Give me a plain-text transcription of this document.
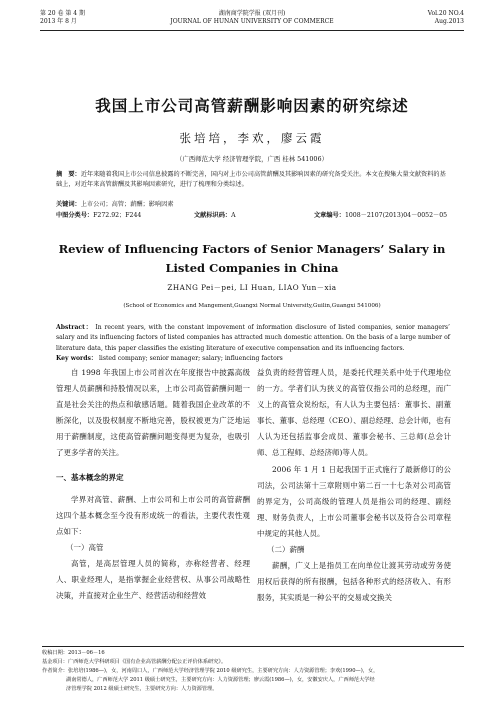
第 20 卷 第 4 期
2013 年 8 月
湖南商学院学报 (双月刊)
JOURNAL OF HUNAN UNIVERSITY OF COMMERCE
Vol.20 NO.4
Aug.2013
我国上市公司高管薪酬影响因素的研究综述
张培培，李欢，廖云霞
（广西师范大学 经济管理学院，广西 桂林 541006）
摘　要：近年来随着我国上市公司信息披露的不断完善，国内对上市公司高管薪酬及其影响因素的研究备受关注。本文在搜集大量文献资料的基础上，对近年来高管薪酬及其影响因素研究，进行了梳理和分类综述。
关键词：上市公司；高管；薪酬；影响因素
中图分类号：F272.92；F244	文献标识码：A	文章编号：1008－2107(2013)04－0052－05
Review of Influencing Factors of Senior Managers’ Salary in
Listed Companies in China
ZHANG Pei－pei, LI Huan, LIAO Yun－xia
(School of Economics and Mangement,Guangxi Normal University,Guilin,Guangxi 541006)
Abstract： In recent years, with the constant impovement of information disclosure of listed companies, senior managers’ salary and its influencing factors of listed companies has attracted much domestic attention. On the basis of a large number of literature data, this paper classifies the existing literature of executive compensation and its influencing factors.
Key words： listed company; senior manager; salary; influencing factors

自 1998 年我国上市公司首次在年度报告中披露高级管理人员薪酬和持股情况以来，上市公司高管薪酬问题一直是社会关注的热点和敏感话题。随着我国企业改革的不断深化，以及股权制度不断地完善，股权被更为广泛地运用于薪酬制度，这使高管薪酬问题变得更为复杂，也吸引了更多学者的关注。

一、基本概念的界定

学界对高管、薪酬、上市公司和上市公司的高管薪酬这四个基本概念至今没有形成统一的看法，主要代表性观点如下：

（一）高管

高管，是高层管理人员的简称，亦称经营者、经理人、职业经理人，是指掌握企业经营权、从事公司战略性决策，并直接对企业生产、经营活动和经营效

益负责的经营管理人员，是委托代理关系中处于代理地位的一方。学者们认为狭义的高管仅指公司的总经理，而广义上的高管众说纷纭，有人认为主要包括：董事长、副董事长、董事、总经理（CEO）、副总经理、总会计师，也有人认为还包括监事会成员、董事会秘书、三总师(总会计师、总工程师、总经济师)等人员。

2006 年 1 月 1 日起我国于正式施行了最新修订的公司法，公司法第十三章附则中第二百一十七条对公司高管的界定为，公司高级的管理人员是指公司的经理、副经理、财务负责人，上市公司董事会秘书以及符合公司章程中规定的其他人员。

（二）薪酬

薪酬，广义上是指员工在向单位让渡其劳动或劳务使用权后获得的所有报酬，包括各种形式的经济收入、有形服务，其实质是一种公平的交易或交换关

收稿日期：2013－06－16

基金项目：广西师范大学科研项目《国有企业高管薪酬分配公正评价体系研究》。

作者简介：张培培(1986—)，女，河南周口人，广西师范大学经济管理学院 2010 级研究生，主要研究方向：人力资源管理；李欢(1990—)，女，

湖南常德人，广西师范大学 2011 级硕士研究生，主要研究方向：人力资源管理；廖云霞(1986—)，女，安徽安庆人，广西师范大学经

济管理学院 2012 级硕士研究生，主要研究方向：人力资源管理。
